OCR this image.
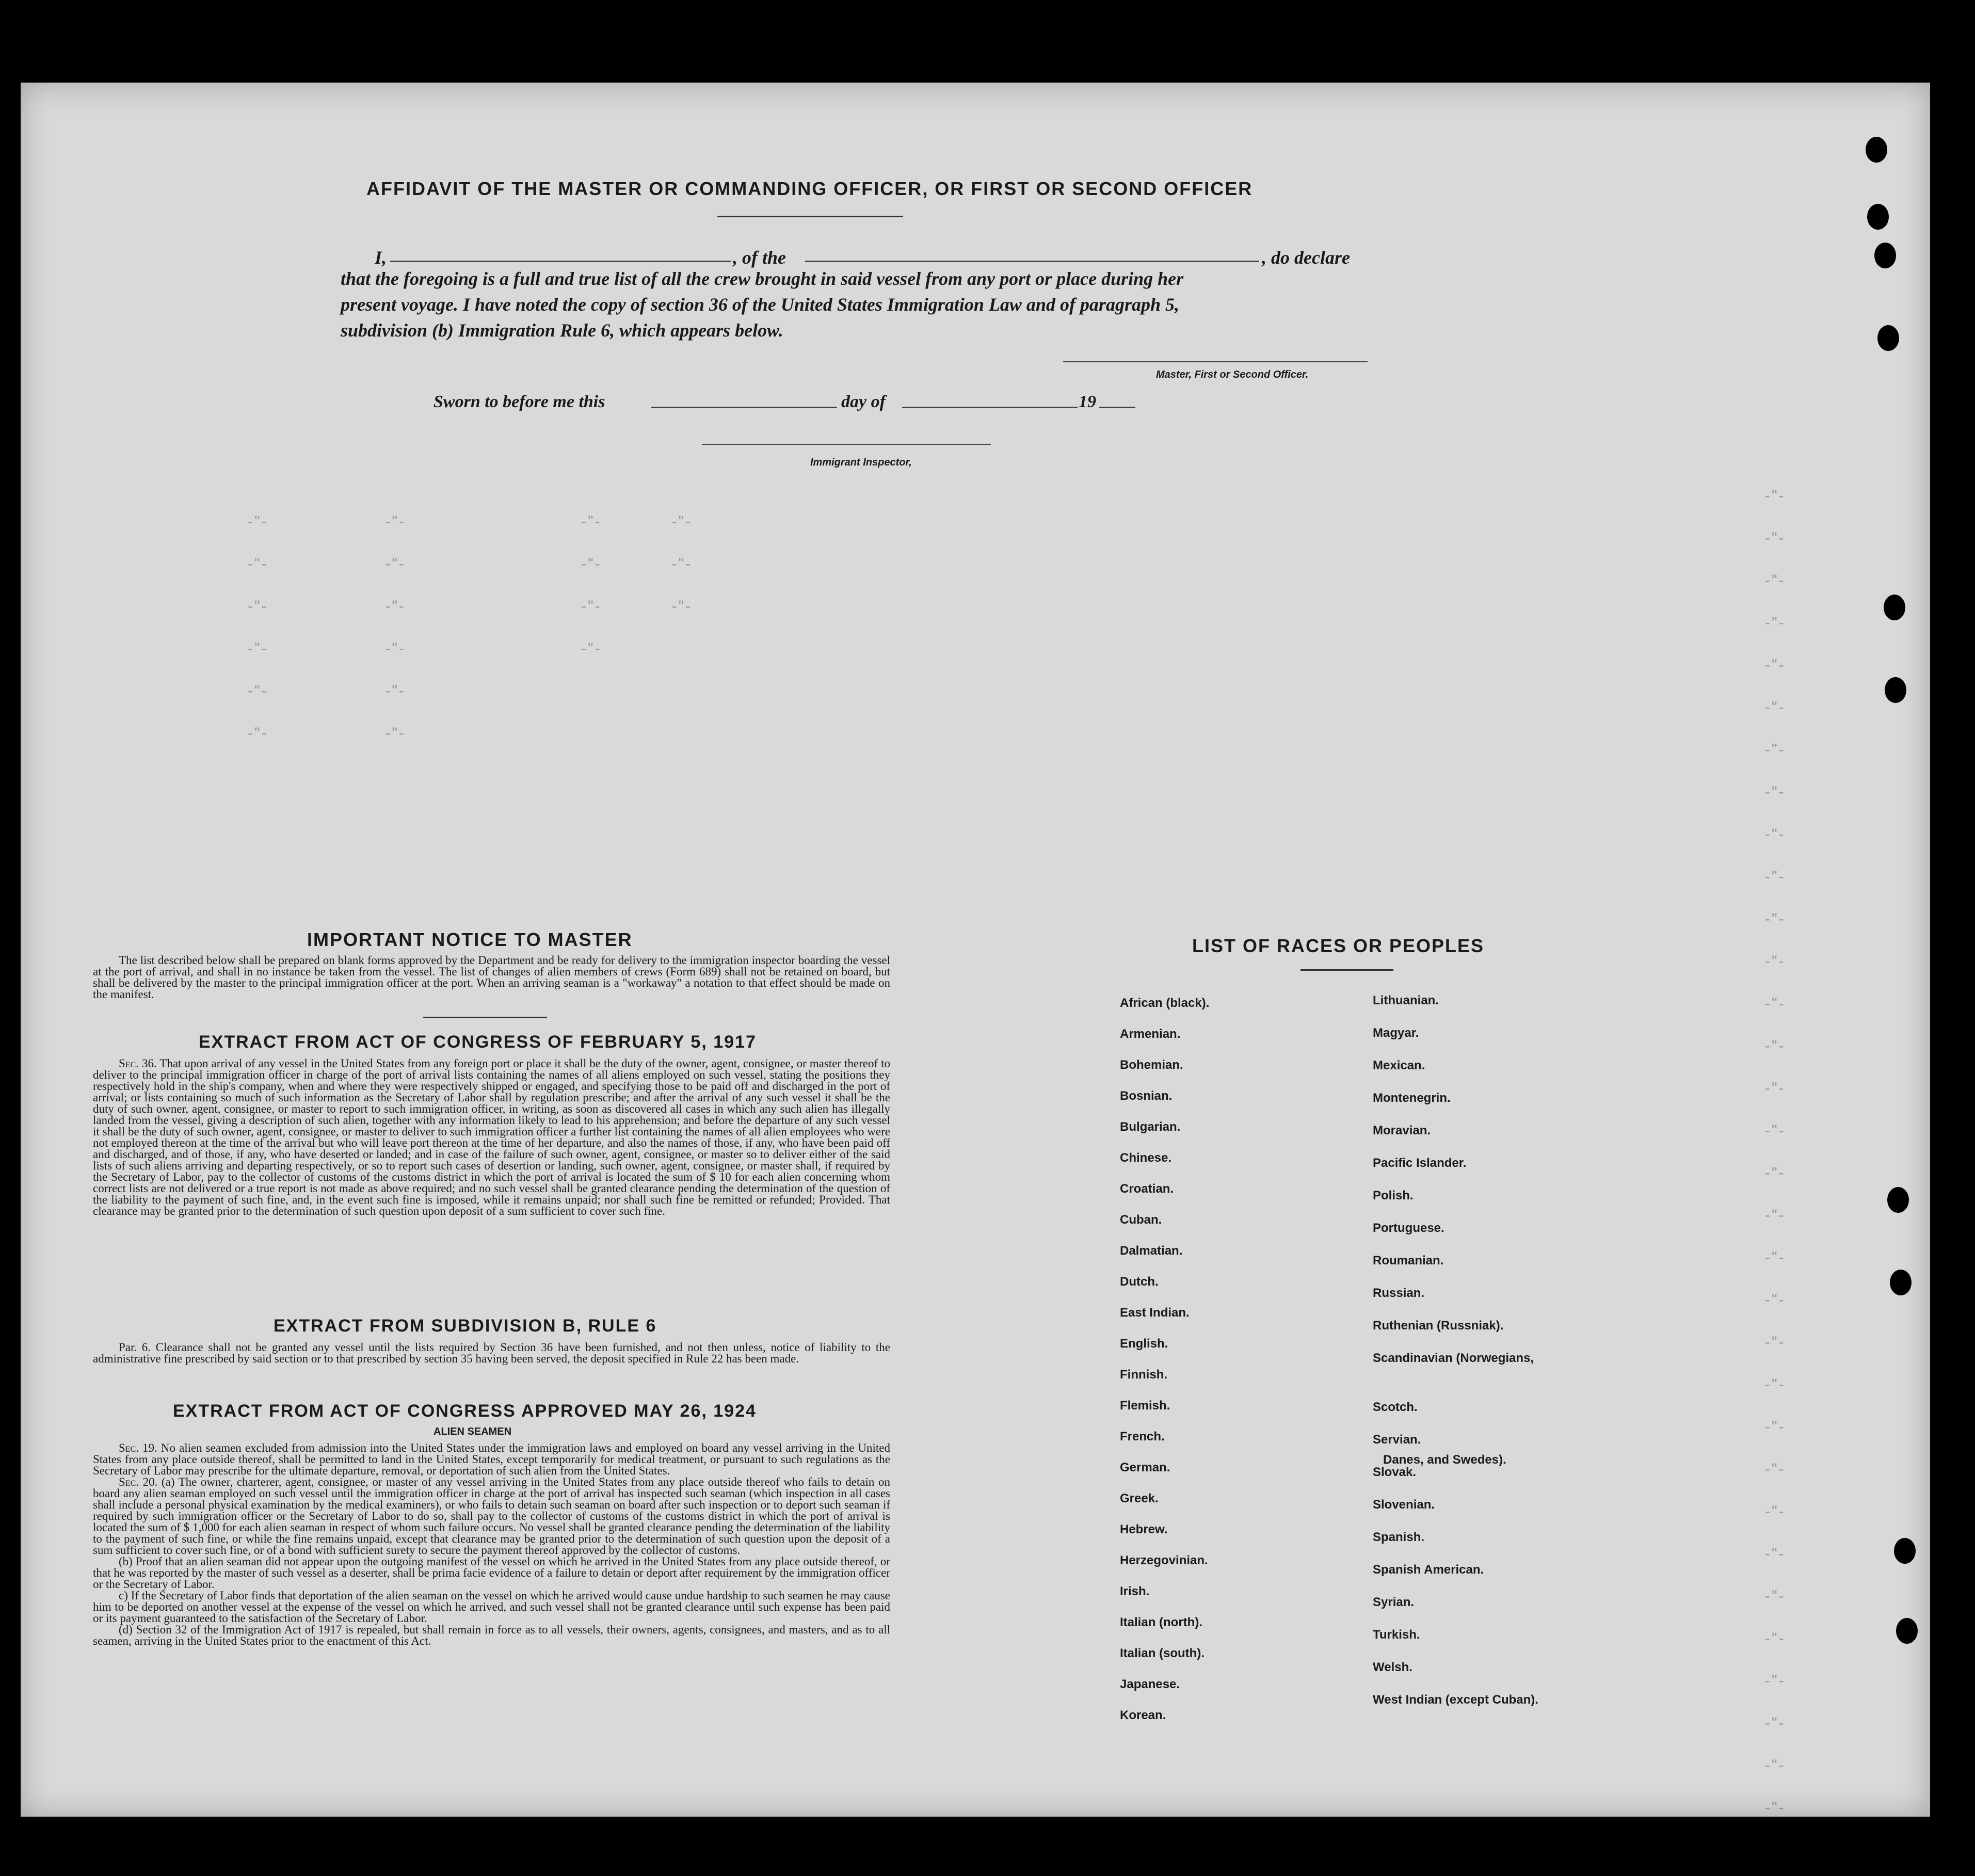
-"-                    -"-                              -"-            -"-
-"-                    -"-                              -"-            -"-
-"-                    -"-                              -"-            -"-
-"-                    -"-                              -"-
-"-                    -"-
-"-                    -"-

-"-
-"-
-"-
-"-
-"-
-"-
-"-
-"-
-"-
-"-
-"-
-"-
-"-
-"-
-"-
-"-
-"-
-"-
-"-
-"-
-"-
-"-
-"-
-"-
-"-
-"-
-"-
-"-
-"-
-"-
-"-
-"-
AFFIDAVIT OF THE MASTER OR COMMANDING OFFICER, OR FIRST OR SECOND OFFICER
I,	, of the	, do declare
that the foregoing is a full and true list of all the crew brought in said vessel from any port or place during her
present voyage. I have noted the copy of section 36 of the United States Immigration Law and of paragraph 5,
subdivision (b) Immigration Rule 6, which appears below.
Master, First or Second Officer.
Sworn to before me this	day of	19
Immigrant Inspector,
IMPORTANT NOTICE TO MASTER

The list described below shall be prepared on blank forms approved by the Department and be ready for delivery to the immigration inspector boarding the vessel at the port of arrival, and shall in no instance be taken from the vessel. The list of changes of alien members of crews (Form 689) shall not be retained on board, but shall be delivered by the master to the principal immigration officer at the port. When an arriving seaman is a "workaway" a notation to that effect should be made on the manifest.

EXTRACT FROM ACT OF CONGRESS OF FEBRUARY 5, 1917

Sec. 36. That upon arrival of any vessel in the United States from any foreign port or place it shall be the duty of the owner, agent, consignee, or master thereof to deliver to the principal immigration officer in charge of the port of arrival lists containing the names of all aliens employed on such vessel, stating the positions they respectively hold in the ship's company, when and where they were respectively shipped or engaged, and specifying those to be paid off and discharged in the port of arrival; or lists containing so much of such information as the Secretary of Labor shall by regulation prescribe; and after the arrival of any such vessel it shall be the duty of such owner, agent, consignee, or master to report to such immigration officer, in writing, as soon as discovered all cases in which any such alien has illegally landed from the vessel, giving a description of such alien, together with any information likely to lead to his apprehension; and before the departure of any such vessel it shall be the duty of such owner, agent, consignee, or master to deliver to such immigration officer a further list containing the names of all alien employees who were not employed thereon at the time of the arrival but who will leave port thereon at the time of her departure, and also the names of those, if any, who have been paid off and discharged, and of those, if any, who have deserted or landed; and in case of the failure of such owner, agent, consignee, or master so to deliver either of the said lists of such aliens arriving and departing respectively, or so to report such cases of desertion or landing, such owner, agent, consignee, or master shall, if required by the Secretary of Labor, pay to the collector of customs of the customs district in which the port of arrival is located the sum of $ 10 for each alien concerning whom correct lists are not delivered or a true report is not made as above required; and no such vessel shall be granted clearance pending the determination of the question of the liability to the payment of such fine, and, in the event such fine is imposed, while it remains unpaid; nor shall such fine be remitted or refunded; Provided. That clearance may be granted prior to the determination of such question upon deposit of a sum sufficient to cover such fine.

EXTRACT FROM SUBDIVISION B, RULE 6

Par. 6. Clearance shall not be granted any vessel until the lists required by Section 36 have been furnished, and not then unless, notice of liability to the administrative fine prescribed by said section or to that prescribed by section 35 having been served, the deposit specified in Rule 22 has been made.

EXTRACT FROM ACT OF CONGRESS APPROVED MAY 26, 1924
ALIEN SEAMEN

Sec. 19. No alien seamen excluded from admission into the United States under the immigration laws and employed on board any vessel arriving in the United States from any place outside thereof, shall be permitted to land in the United States, except temporarily for medical treatment, or pursuant to such regulations as the Secretary of Labor may prescribe for the ultimate departure, removal, or deportation of such alien from the United States.

Sec. 20. (a) The owner, charterer, agent, consignee, or master of any vessel arriving in the United States from any place outside thereof who fails to detain on board any alien seaman employed on such vessel until the immigration officer in charge at the port of arrival has inspected such seaman (which inspection in all cases shall include a personal physical examination by the medical examiners), or who fails to detain such seaman on board after such inspection or to deport such seaman if required by such immigration officer or the Secretary of Labor to do so, shall pay to the collector of customs of the customs district in which the port of arrival is located the sum of $ 1,000 for each alien seaman in respect of whom such failure occurs. No vessel shall be granted clearance pending the determination of the liability to the payment of such fine, or while the fine remains unpaid, except that clearance may be granted prior to the determination of such question upon the deposit of a sum sufficient to cover such fine, or of a bond with sufficient surety to secure the payment thereof approved by the collector of customs.

(b) Proof that an alien seaman did not appear upon the outgoing manifest of the vessel on which he arrived in the United States from any place outside thereof, or that he was reported by the master of such vessel as a deserter, shall be prima facie evidence of a failure to detain or deport after requirement by the immigration officer or the Secretary of Labor.

c) If the Secretary of Labor finds that deportation of the alien seaman on the vessel on which he arrived would cause undue hardship to such seamen he may cause him to be deported on another vessel at the expense of the vessel on which he arrived, and such vessel shall not be granted clearance until such expense has been paid or its payment guaranteed to the satisfaction of the Secretary of Labor.

(d) Section 32 of the Immigration Act of 1917 is repealed, but shall remain in force as to all vessels, their owners, agents, consignees, and masters, and as to all seamen, arriving in the United States prior to the enactment of this Act.

LIST OF RACES OR PEOPLES
African (black).
Armenian.
Bohemian.
Bosnian.
Bulgarian.
Chinese.
Croatian.
Cuban.
Dalmatian.
Dutch.
East Indian.
English.
Finnish.
Flemish.
French.
German.
Greek.
Hebrew.
Herzegovinian.
Irish.
Italian (north).
Italian (south).
Japanese.
Korean.
Lithuanian.
Magyar.
Mexican.
Montenegrin.
Moravian.
Pacific Islander.
Polish.
Portuguese.
Roumanian.
Russian.
Ruthenian (Russniak).
Scandinavian (Norwegians,
Scotch.
Servian.
Slovak.
Slovenian.
Spanish.
Spanish American.
Syrian.
Turkish.
Welsh.
West Indian (except Cuban).
Danes, and Swedes).
